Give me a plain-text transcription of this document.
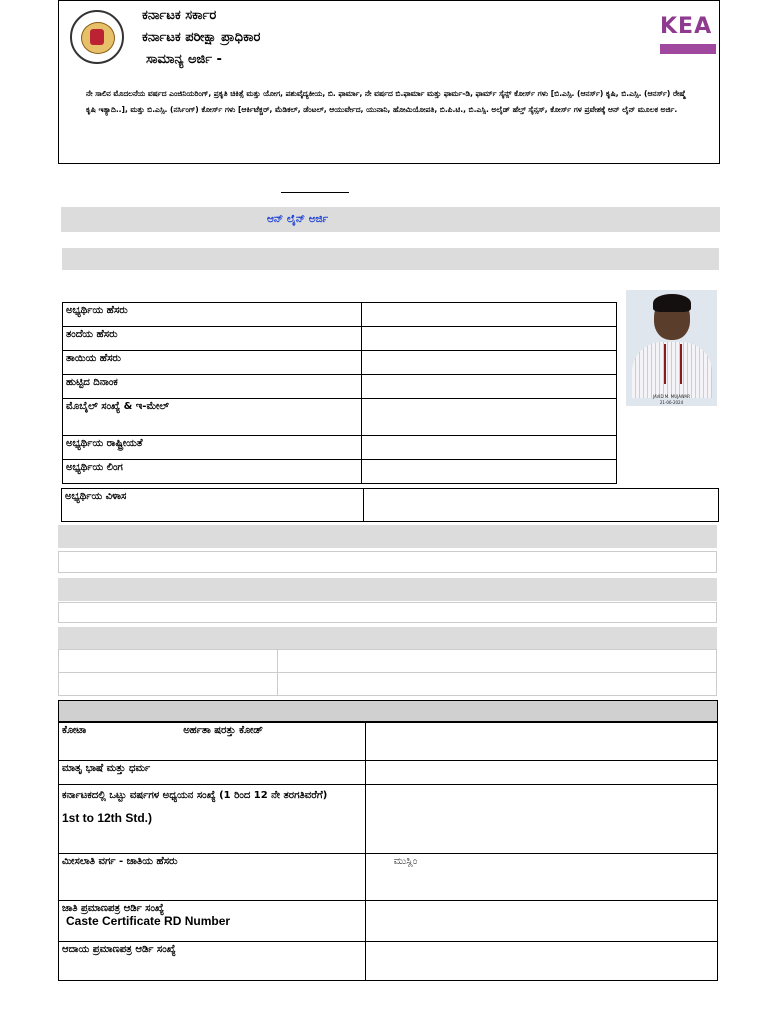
ಕರ್ನಾಟಕ ಸರ್ಕಾರ
ಕರ್ನಾಟಕ ಪರೀಕ್ಷಾ ಪ್ರಾಧಿಕಾರ
ಸಾಮಾನ್ಯ ಅರ್ಜಿ -
KEA
ನೇ ಸಾಲಿನ ಮೊದಲನೆಯ ವರ್ಷದ ಎಂಜಿನಿಯರಿಂಗ್, ಪ್ರಕೃತಿ ಚಿಕಿತ್ಸೆ ಮತ್ತು ಯೋಗ, ಪಶುವೈದ್ಯಕೀಯ, ಬಿ. ಫಾರ್ಮಾ, ನೇ ವರ್ಷದ ಬಿ.ಫಾರ್ಮಾ ಮತ್ತು ಫಾರ್ಮ-ಡಿ, ಫಾರ್ಮ್ ಸೈನ್ಸ್ ಕೋರ್ಸ್ ಗಳು [ಬಿ.ಎಸ್ಸಿ. (ಆನರ್ಸ್) ಕೃಷಿ, ಬಿ.ಎಸ್ಸಿ. (ಆನರ್ಸ್) ರೇಷ್ಮೆ ಕೃಷಿ ಇತ್ಯಾದಿ..], ಮತ್ತು ಬಿ.ಎಸ್ಸಿ. (ನರ್ಸಿಂಗ್) ಕೋರ್ಸ್ ಗಳು [ಆರ್ಕಿಟೆಕ್ಚರ್, ಮೆಡಿಕಲ್, ಡೆಂಟಲ್, ಆಯುರ್ವೇದ, ಯುನಾನಿ, ಹೋಮಿಯೋಪತಿ, ಬಿ.ಪಿ.ಟಿ., ಬಿ.ಎಸ್ಸಿ. ಅಲೈಡ್ ಹೆಲ್ತ್ ಸೈನ್ಸಸ್, ಕೋರ್ಸ್ ಗಳ ಪ್ರವೇಶಕ್ಕೆ ಆನ್ ಲೈನ್ ಮೂಲಕ ಅರ್ಜಿ.
ಆನ್ ಲೈನ್ ಅರ್ಜಿ
ಅಭ್ಯರ್ಥಿಯ ಹೆಸರು	
ತಂದೆಯ ಹೆಸರು	
ತಾಯಿಯ ಹೆಸರು	
ಹುಟ್ಟಿದ ದಿನಾಂಕ	
ಮೊಬೈಲ್ ಸಂಖ್ಯೆ & ಇ-ಮೇಲ್	
ಅಭ್ಯರ್ಥಿಯ ರಾಷ್ಟ್ರೀಯತೆ	
ಅಭ್ಯರ್ಥಿಯ ಲಿಂಗ	
JAVID M. MUJAWAR
21-06-2024
ಅಭ್ಯರ್ಥಿಯ ವಿಳಾಸ	

ಕೋಟಾ ಅರ್ಹತಾ ಷರತ್ತು ಕೋಡ್	
ಮಾತೃ ಭಾಷೆ ಮತ್ತು ಧರ್ಮ	

ಕರ್ನಾಟಕದಲ್ಲಿ ಒಟ್ಟು ವರ್ಷಗಳ ಅಧ್ಯಯನ ಸಂಖ್ಯೆ (1 ರಿಂದ 12 ನೇ ತರಗತಿವರೆಗೆ)
1st to 12th Std.)	

ಮೀಸಲಾತಿ ವರ್ಗ - ಜಾತಿಯ ಹೆಸರು	ಮುಸ್ಲಿಂ

ಜಾತಿ ಪ್ರಮಾಣಪತ್ರ ಆರ್ಡಿ ಸಂಖ್ಯೆ
Caste Certificate RD Number	

ಆದಾಯ ಪ್ರಮಾಣಪತ್ರ ಆರ್ಡಿ ಸಂಖ್ಯೆ	
